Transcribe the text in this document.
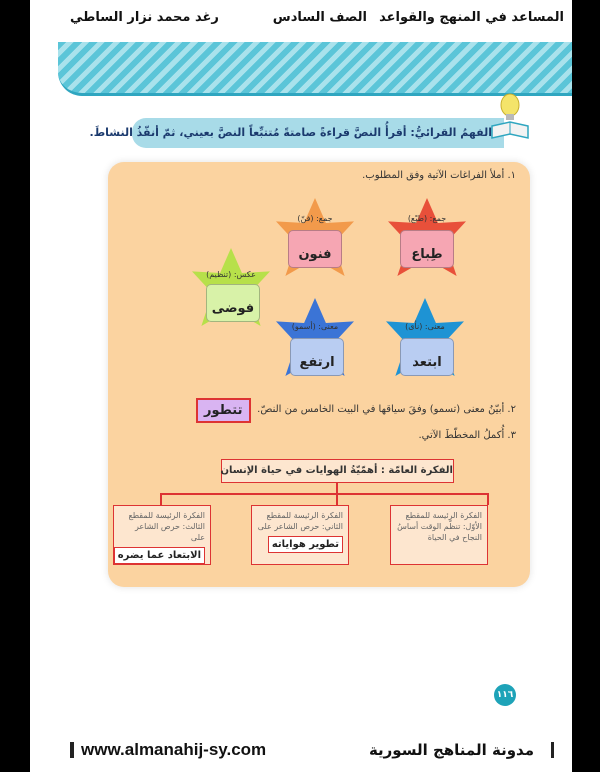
المساعد في المنهج والقواعد
الصف السادس
رغد محمد نزار الساطي
الفهمُ القرائيُّ: أقرأُ النصَّ قراءةً صامتةً مُتتبِّعاً النصَّ بعيني، ثمّ أنفّذُ النشاطَ.
١. أملأ الفراغات الآتية وفق المطلوب.
جمع: (طبْع)
طِباع
جمع: (فنّ)
فنون
عكس: (تنظيم)
فوضى
معنى: (نأى)
ابتعد
معنى: (أسمو)
ارتفع
٢. أبيّنُ معنى (تسمو) وفقَ سياقها في البيت الخامس من النصّ.
تتطور
٣. أُكملُ المخطّطَ الآتي.
الفكرة العامّة : أهمّيّةُ الهوايات في حياة الإنسان
الفكرة الرئيسة للمقطع الأوّل: تنظّم الوقت أساسُ النجاح في الحياة
الفكرة الرئيسة للمقطع الثاني: حرص الشاعر على
تطوير هواياته
الفكرة الرئيسة للمقطع الثالث: حرص الشاعر على
الابتعاد عما يضره
١١٦
www.almanahij-sy.com	مدونة المناهج السورية
